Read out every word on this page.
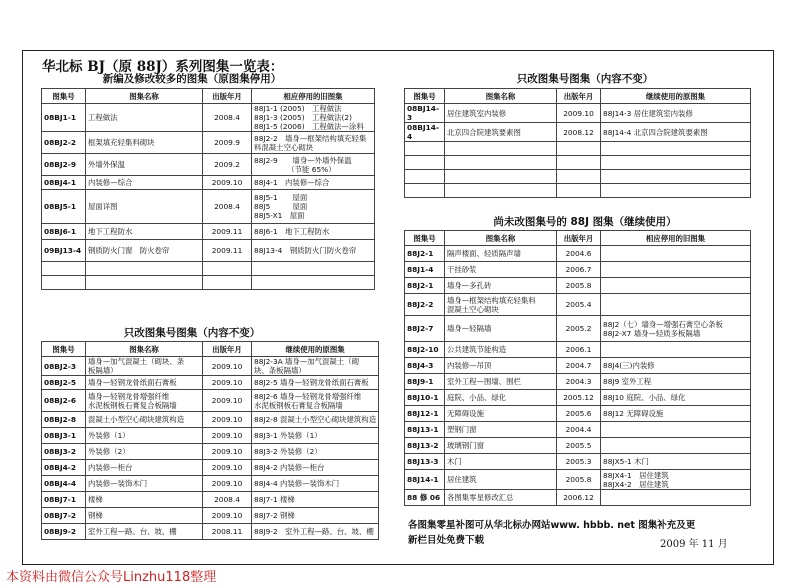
华北标 BJ（原 88J）系列图集一览表：
新编及修改较多的图集（原图集停用）
图集号	图集名称	出版年月	相应停用的旧图集
08BJ1-1	工程做法	2008.4	88J1-1 (2005)　工程做法
88J1-3 (2005)　工程做法(2)
88J1-5 (2006)　工程做法—涂料

08BJ2-2	框架填充轻集料砌块	2009.9	88J2-2　墙身—框架结构填充轻集
料混凝土空心砌块

08BJ2-9	外墙外保温	2009.2	88J2-9　　墙身—外墙外保温
　　　　　（节能 65%）

08BJ4-1	内装修—综合	2009.10	88J4-1　内装修—综合

08BJ5-1	屋面详图	2008.4	88J5-1　　屋面
88J5　　　屋面
88J5-X1　屋面

08BJ6-1	地下工程防水	2009.11	88J6-1　地下工程防水

09BJ13-4	钢质防火门窗　防火卷帘	2009.11	88J13-4　钢质防火门防火卷帘

只改图集号图集（内容不变）
图集号	图集名称	出版年月	继续使用的原图集
08BJ2-3	墙身—加气混凝土（砌块、条
板隔墙）	2009.10	88J2-3A 墙身—加气混凝土（砌
块、条板隔墙）

08BJ2-5	墙身—轻钢龙骨纸面石膏板	2009.10	88J2-5 墙身—轻钢龙骨纸面石膏板

08BJ2-6	墙身—轻钢龙骨增强纤维
水泥板钢板石膏复合板隔墙	2009.10	88J2-6 墙身—轻钢龙骨增强纤维
水泥板钢板石膏复合板隔墙

08BJ2-8	混凝土小型空心砌块建筑构造	2009.10	88J2-8 混凝土小型空心砌块建筑构造

08BJ3-1	外装修（1）	2009.10	88J3-1 外装修（1）

08BJ3-2	外装修（2）	2009.10	88J3-2 外装修（2）

08BJ4-2	内装修—柜台	2009.10	88J4-2 内装修—柜台

08BJ4-4	内装修—装饰木门	2009.10	88J4-4 内装修—装饰木门

08BJ7-1	楼梯	2008.4	88J7-1 楼梯

08BJ7-2	钢梯	2009.10	88J7-2 钢梯

08BJ9-2	室外工程—路、台、坡、棚	2008.11	88J9-2　室外工程—路、台、坡、棚
只改图集号图集（内容不变）
图集号	图集名称	出版年月	继续使用的原图集
08BJ14-3	居住建筑室内装修	2009.10	88J14-3 居住建筑室内装修

08BJ14-4	北京四合院建筑要素图	2008.12	88J14-4 北京四合院建筑要素图

尚未改图集号的 88J 图集（继续使用）
图集号	图集名称	出版年月	相应停用的旧图集
88J2-1	隔声楼面、轻质隔声墙	2004.6	

88J1-4	干挂砂浆	2006.7	

88J2-1	墙身—多孔砖	2005.8	

88J2-2	墙身—框架结构填充轻集料
混凝土空心砌块	2005.4	

88J2-7	墙身—轻隔墙	2005.2	88J2（七）墙身—增强石膏空心条板
88J2-X7 墙身—轻质多板隔墙

88J2-10	公共建筑节能构造	2006.1	

88J4-3	内装修—吊顶	2004.7	88J4(三)内装修

88J9-1	室外工程—围墙、围栏	2004.3	88J9 室外工程

88J10-1	庭院、小品、绿化	2005.12	88J10 庭院、小品、绿化

88J12-1	无障碍设施	2005.6	88J12 无障碍设施

88J13-1	塑钢门窗	2004.4	

88J13-2	玻璃钢门窗	2005.5	

88J13-3	木门	2005.3	88JX5-1 木门

88J14-1	居住建筑	2005.8	88JX4-1　居住建筑
88JX4-2　居住建筑

88 修 06	各图集零星修改汇总	2006.12	
各图集零星补图可从华北标办网站www. hbbb. net 图集补充及更
新栏目处免费下载	2009 年 11 月
本资料由微信公众号Linzhu118整理
